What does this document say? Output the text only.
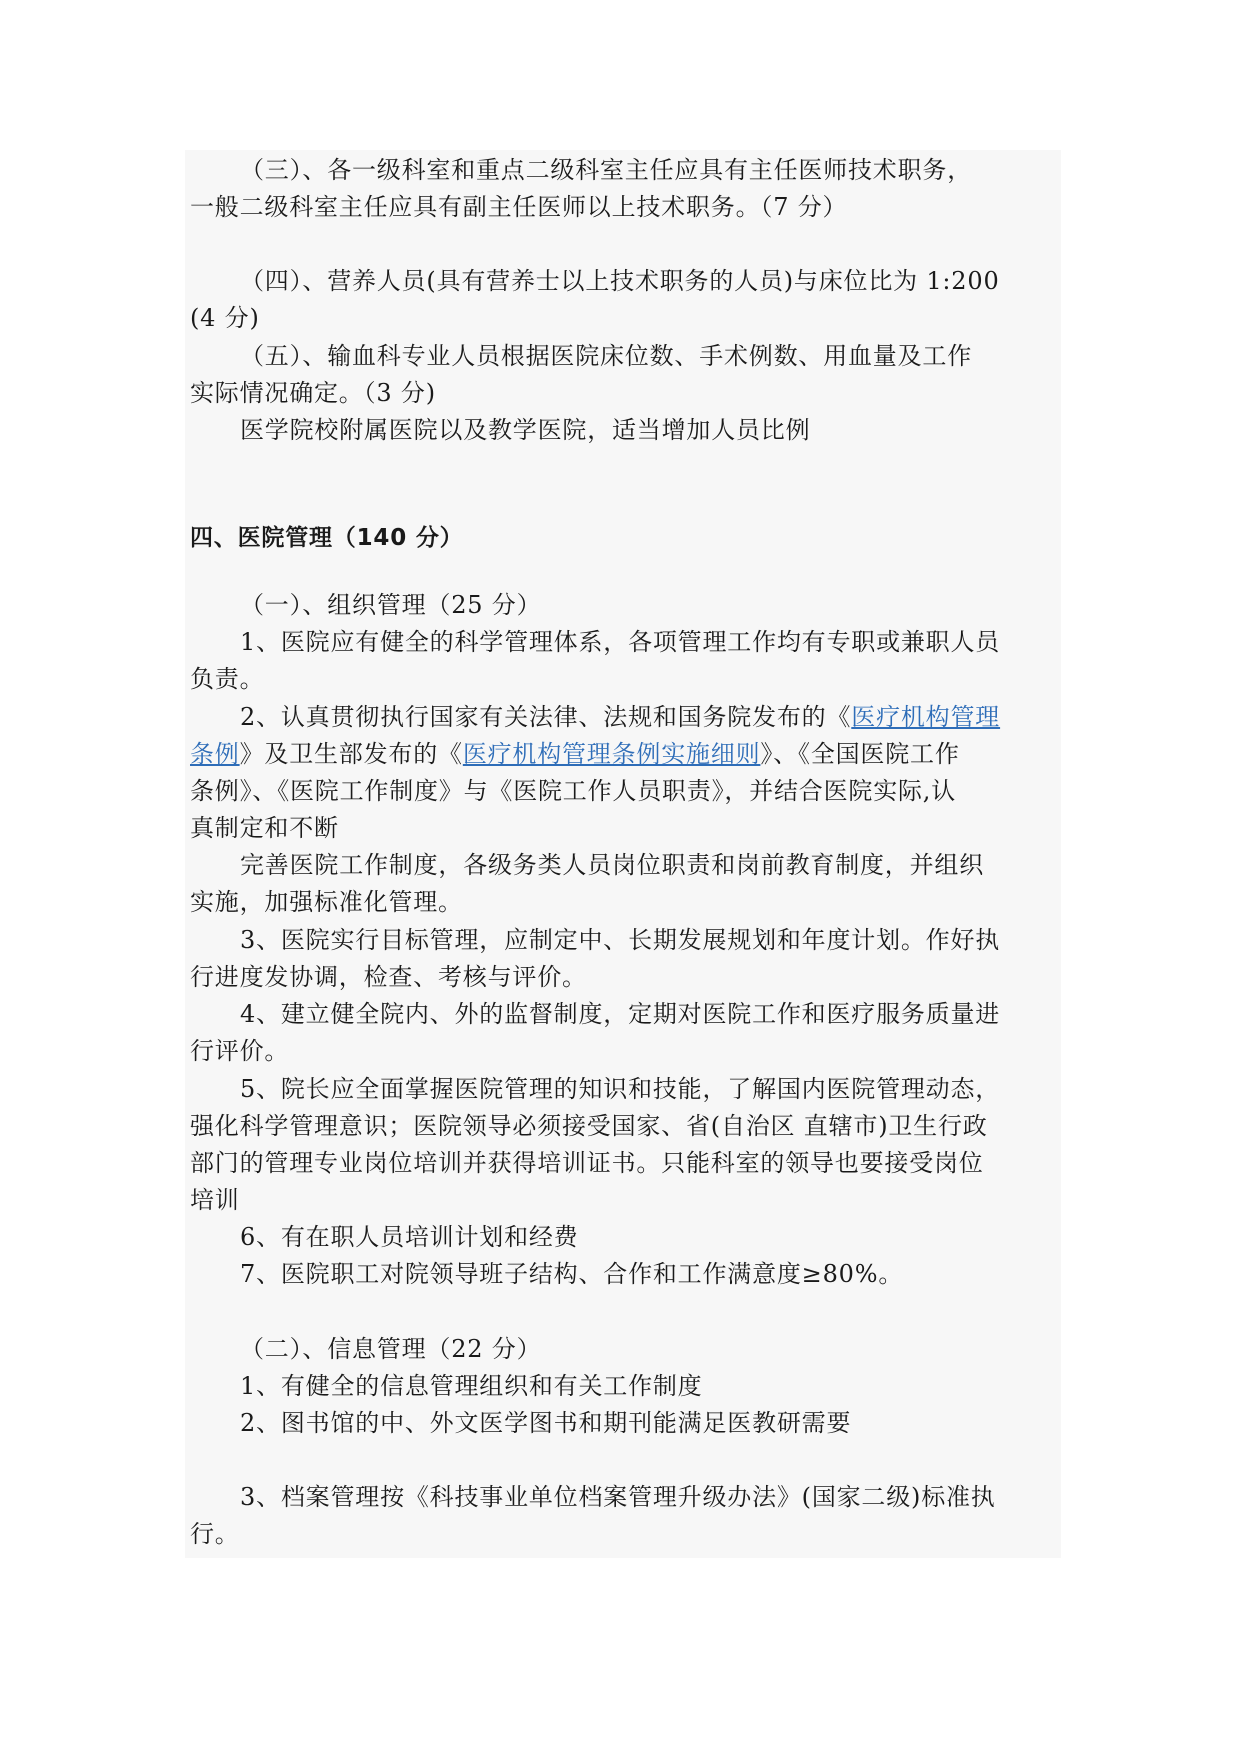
（三）、各一级科室和重点二级科室主任应具有主任医师技术职务，
一般二级科室主任应具有副主任医师以上技术职务。（7 分）
（四）、营养人员(具有营养士以上技术职务的人员)与床位比为 1:200
(4 分)
（五）、输血科专业人员根据医院床位数、手术例数、用血量及工作
实际情况确定。（3 分)
医学院校附属医院以及教学医院，适当增加人员比例
四、医院管理（140 分）
（一）、组织管理（25 分）
1、医院应有健全的科学管理体系，各项管理工作均有专职或兼职人员
负责。
2、认真贯彻执行国家有关法律、法规和国务院发布的《医疗机构管理
条例》及卫生部发布的《医疗机构管理条例实施细则》、《全国医院工作
条例》、《医院工作制度》与《医院工作人员职责》，并结合医院实际,认
真制定和不断
完善医院工作制度，各级务类人员岗位职责和岗前教育制度，并组织
实施，加强标准化管理。
3、医院实行目标管理，应制定中、长期发展规划和年度计划。作好执
行进度发协调，检查、考核与评价。
4、建立健全院内、外的监督制度，定期对医院工作和医疗服务质量进
行评价。
5、院长应全面掌握医院管理的知识和技能，了解国内医院管理动态，
强化科学管理意识；医院领导必须接受国家、省(自治区 直辖市)卫生行政
部门的管理专业岗位培训并获得培训证书。只能科室的领导也要接受岗位
培训
6、有在职人员培训计划和经费
7、医院职工对院领导班子结构、合作和工作满意度≥80%。
（二）、信息管理（22 分）
1、有健全的信息管理组织和有关工作制度
2、图书馆的中、外文医学图书和期刊能满足医教研需要
3、档案管理按《科技事业单位档案管理升级办法》(国家二级)标准执
行。
